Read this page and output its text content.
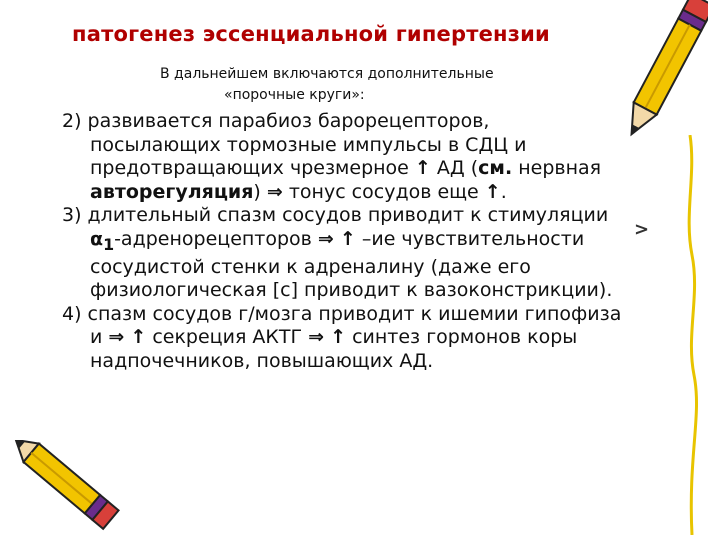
патогенез эссенциальной гипертензии
В дальнейшем включаются дополнительные
«порочные круги»:

2) развивается парабиоз барорецепторов, посылающих тормозные импульсы в СДЦ и предотвращающих чрезмерное ↑ АД (см. нервная авторегуляция) ⇒ тонус сосудов еще ↑.

3) длительный спазм сосудов приводит к стимуляции $\alpha_1$-адренорецепторов ⇒ ↑ –ие чувствительности сосудистой стенки к адреналину (даже его физиологическая [с] приводит к вазоконстрикции).

4) спазм сосудов г/мозга приводит к ишемии гипофиза и ⇒ ↑ секреция АКТГ ⇒ ↑ синтез гормонов коры надпочечников, повышающих АД.

>
